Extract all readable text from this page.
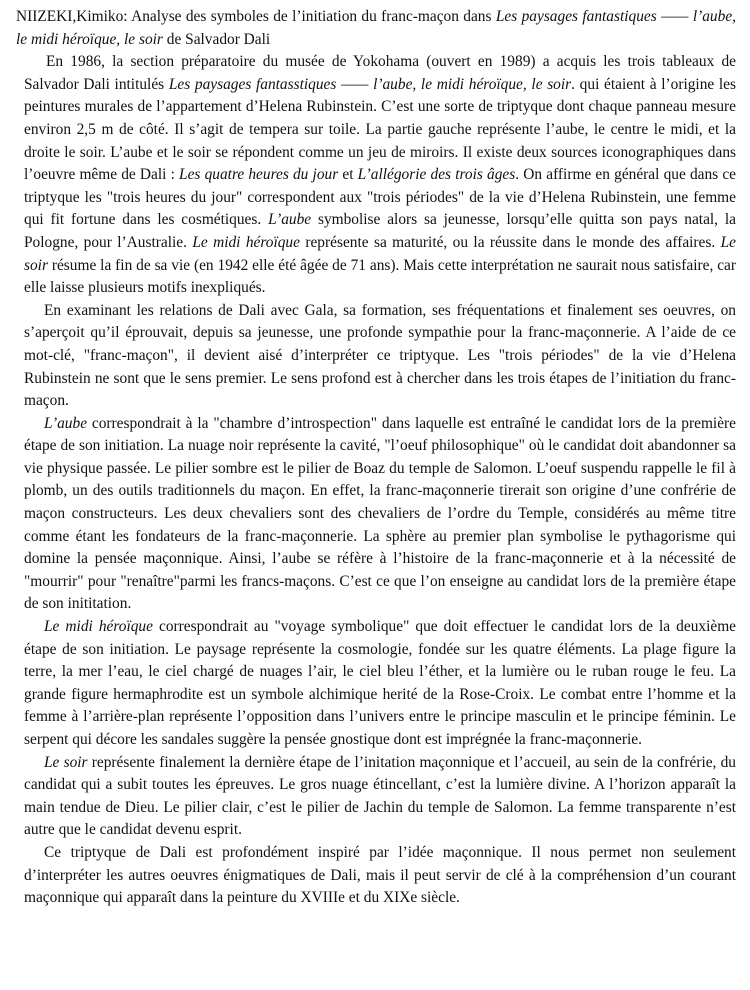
NIIZEKI,Kimiko: Analyse des symboles de l’initiation du franc-maçon dans Les paysages fantastiques —— l’aube, le midi héroïque, le soir de Salvador Dali

En 1986, la section préparatoire du musée de Yokohama (ouvert en 1989) a acquis les trois tableaux de Salvador Dali intitulés Les paysages fantasstiques —— l’aube, le midi héroïque, le soir. qui étaient à l’origine les peintures murales de l’appartement d’Helena Rubinstein. C’est une sorte de triptyque dont chaque panneau mesure environ 2,5 m de côté. Il s’agit de tempera sur toile. La partie gauche représente l’aube, le centre le midi, et la droite le soir. L’aube et le soir se répondent comme un jeu de miroirs. Il existe deux sources iconographiques dans l’oeuvre même de Dali : Les quatre heures du jour et L’allégorie des trois âges. On affirme en général que dans ce triptyque les "trois heures du jour" correspondent aux "trois périodes" de la vie d’Helena Rubinstein, une femme qui fit fortune dans les cosmétiques. L’aube symbolise alors sa jeunesse, lorsqu’elle quitta son pays natal, la Pologne, pour l’Australie. Le midi héroïque représente sa maturité, ou la réussite dans le monde des affaires. Le soir résume la fin de sa vie (en 1942 elle été âgée de 71 ans). Mais cette interprétation ne saurait nous satisfaire, car elle laisse plusieurs motifs inexpliqués.

En examinant les relations de Dali avec Gala, sa formation, ses fréquentations et finalement ses oeuvres, on s’aperçoit qu’il éprouvait, depuis sa jeunesse, une profonde sympathie pour la franc-maçonnerie. A l’aide de ce mot-clé, "franc-maçon", il devient aisé d’interpréter ce triptyque. Les "trois périodes" de la vie d’Helena Rubinstein ne sont que le sens premier. Le sens profond est à chercher dans les trois étapes de l’initiation du franc-maçon.

L’aube correspondrait à la "chambre d’introspection" dans laquelle est entraîné le candidat lors de la première étape de son initiation. La nuage noir représente la cavité, "l’oeuf philosophique" où le candidat doit abandonner sa vie physique passée. Le pilier sombre est le pilier de Boaz du temple de Salomon. L’oeuf suspendu rappelle le fil à plomb, un des outils traditionnels du maçon. En effet, la franc-maçonnerie tirerait son origine d’une confrérie de maçon constructeurs. Les deux chevaliers sont des chevaliers de l’ordre du Temple, considérés au même titre comme étant les fondateurs de la franc-maçonnerie. La sphère au premier plan symbolise le pythagorisme qui domine la pensée maçonnique. Ainsi, l’aube se réfère à l’histoire de la franc-maçonnerie et à la nécessité de "mourrir" pour "renaître"parmi les francs-maçons. C’est ce que l’on enseigne au candidat lors de la première étape de son inititation.

Le midi héroïque correspondrait au "voyage symbolique" que doit effectuer le candidat lors de la deuxième étape de son initiation. Le paysage représente la cosmologie, fondée sur les quatre éléments. La plage figure la terre, la mer l’eau, le ciel chargé de nuages l’air, le ciel bleu l’éther, et la lumière ou le ruban rouge le feu. La grande figure hermaphrodite est un symbole alchimique herité de la Rose-Croix. Le combat entre l’homme et la femme à l’arrière-plan représente l’opposition dans l’univers entre le principe masculin et le principe féminin. Le serpent qui décore les sandales suggère la pensée gnostique dont est imprégnée la franc-maçonnerie.

Le soir représente finalement la dernière étape de l’initation maçonnique et l’accueil, au sein de la confrérie, du candidat qui a subit toutes les épreuves. Le gros nuage étincellant, c’est la lumière divine. A l’horizon apparaît la main tendue de Dieu. Le pilier clair, c’est le pilier de Jachin du temple de Salomon. La femme transparente n’est autre que le candidat devenu esprit.

Ce triptyque de Dali est profondément inspiré par l’idée maçonnique. Il nous permet non seulement d’interpréter les autres oeuvres énigmatiques de Dali, mais il peut servir de clé à la compréhension d’un courant maçonnique qui apparaît dans la peinture du XVIIIe et du XIXe siècle.
